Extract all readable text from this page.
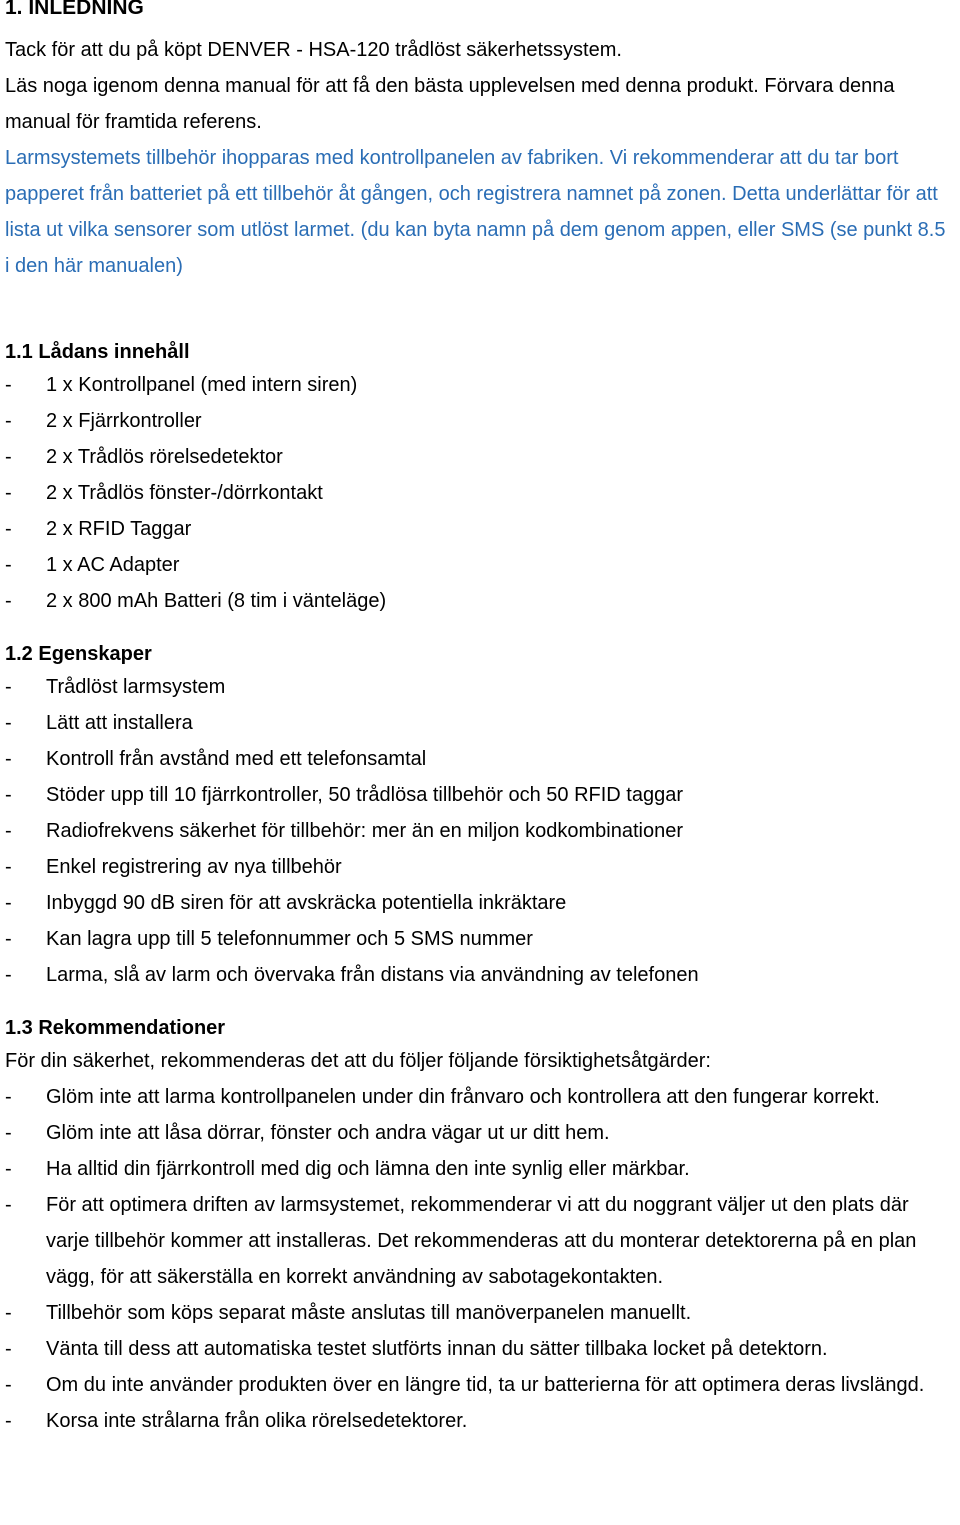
1. INLEDNING

Tack för att du på köpt DENVER - HSA-120 trådlöst säkerhetssystem.

Läs noga igenom denna manual för att få den bästa upplevelsen med denna produkt. Förvara denna manual för framtida referens.

Larmsystemets tillbehör ihopparas med kontrollpanelen av fabriken. Vi rekommenderar att du tar bort papperet från batteriet på ett tillbehör åt gången, och registrera namnet på zonen. Detta underlättar för att lista ut vilka sensorer som utlöst larmet. (du kan byta namn på dem genom appen, eller SMS (se punkt 8.5 i den här manualen)

1.1 Lådans innehåll
- 1 x Kontrollpanel (med intern siren)
- 2 x Fjärrkontroller
- 2 x Trådlös rörelsedetektor
- 2 x Trådlös fönster-/dörrkontakt
- 2 x RFID Taggar
- 1 x AC Adapter
- 2 x 800 mAh Batteri (8 tim i vänteläge)
1.2 Egenskaper
- Trådlöst larmsystem
- Lätt att installera
- Kontroll från avstånd med ett telefonsamtal
- Stöder upp till 10 fjärrkontroller, 50 trådlösa tillbehör och 50 RFID taggar
- Radiofrekvens säkerhet för tillbehör: mer än en miljon kodkombinationer
- Enkel registrering av nya tillbehör
- Inbyggd 90 dB siren för att avskräcka potentiella inkräktare
- Kan lagra upp till 5 telefonnummer och 5 SMS nummer
- Larma, slå av larm och övervaka från distans via användning av telefonen
1.3 Rekommendationer

För din säkerhet, rekommenderas det att du följer följande försiktighetsåtgärder:

- Glöm inte att larma kontrollpanelen under din frånvaro och kontrollera att den fungerar korrekt.
- Glöm inte att låsa dörrar, fönster och andra vägar ut ur ditt hem.
- Ha alltid din fjärrkontroll med dig och lämna den inte synlig eller märkbar.
- För att optimera driften av larmsystemet, rekommenderar vi att du noggrant väljer ut den plats där varje tillbehör kommer att installeras. Det rekommenderas att du monterar detektorerna på en plan vägg, för att säkerställa en korrekt användning av sabotagekontakten.
- Tillbehör som köps separat måste anslutas till manöverpanelen manuellt.
- Vänta till dess att automatiska testet slutförts innan du sätter tillbaka locket på detektorn.
- Om du inte använder produkten över en längre tid, ta ur batterierna för att optimera deras livslängd.
- Korsa inte strålarna från olika rörelsedetektorer.
